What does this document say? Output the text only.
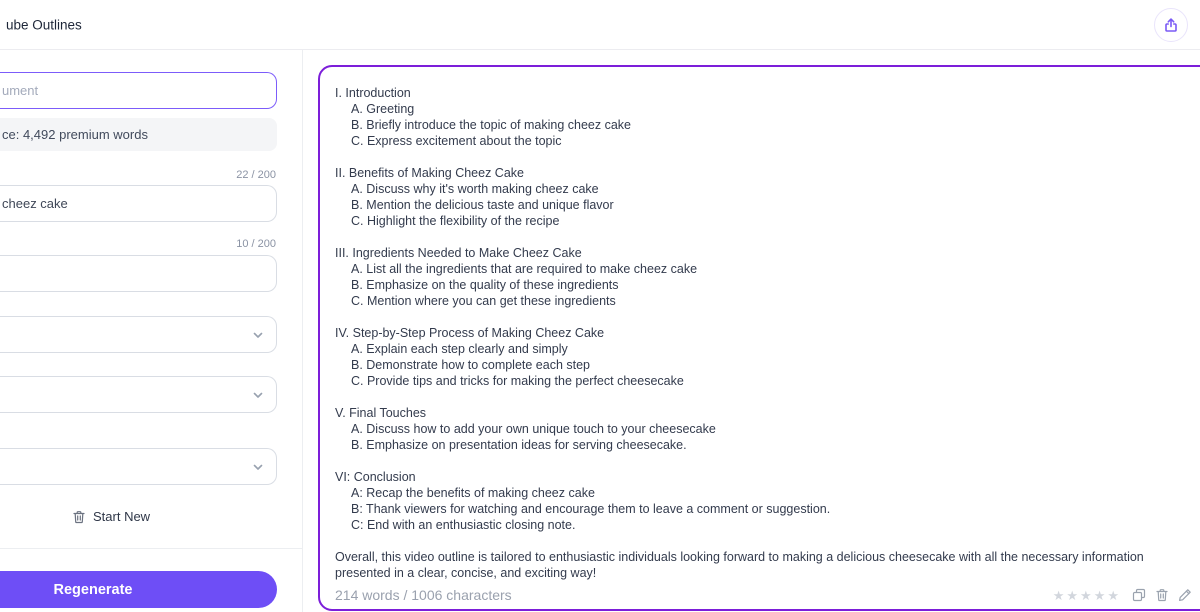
ube Outlines
ument
ce: 4,492 premium words
22 / 200
cheez cake
10 / 200
Start New
Regenerate
I. Introduction
A. Greeting
B. Briefly introduce the topic of making cheez cake
C. Express excitement about the topic
II. Benefits of Making Cheez Cake
A. Discuss why it's worth making cheez cake
B. Mention the delicious taste and unique flavor
C. Highlight the flexibility of the recipe
III. Ingredients Needed to Make Cheez Cake
A. List all the ingredients that are required to make cheez cake
B. Emphasize on the quality of these ingredients
C. Mention where you can get these ingredients
IV. Step-by-Step Process of Making Cheez Cake
A. Explain each step clearly and simply
B. Demonstrate how to complete each step
C. Provide tips and tricks for making the perfect cheesecake
V. Final Touches
A. Discuss how to add your own unique touch to your cheesecake
B. Emphasize on presentation ideas for serving cheesecake.
VI: Conclusion
A: Recap the benefits of making cheez cake
B: Thank viewers for watching and encourage them to leave a comment or suggestion.
C: End with an enthusiastic closing note.
Overall, this video outline is tailored to enthusiastic individuals looking forward to making a delicious cheesecake with all the necessary information presented in a clear, concise, and exciting way!
214 words / 1006 characters	★ ★ ★ ★ ★
